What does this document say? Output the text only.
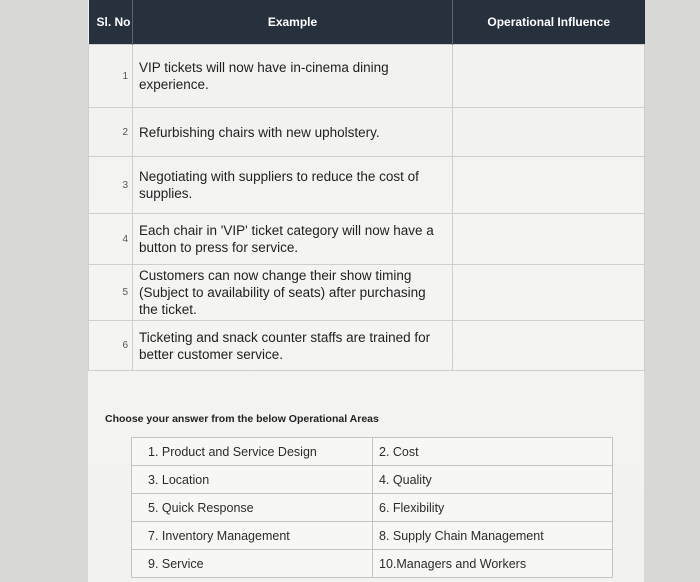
Sl. No	Example	Operational Influence
1	VIP tickets will now have in-cinema dining experience.	
2	Refurbishing chairs with new upholstery.	
3	Negotiating with suppliers to reduce the cost of supplies.	
4	Each chair in 'VIP' ticket category will now have a button to press for service.	
5	Customers can now change their show timing (Subject to availability of seats) after purchasing the ticket.	
6	Ticketing and snack counter staffs are trained for better customer service.	
Choose your answer from the below Operational Areas
1. Product and Service Design	2. Cost
3. Location	4. Quality
5. Quick Response	6. Flexibility
7. Inventory Management	8. Supply Chain Management
9. Service	10.Managers and Workers
